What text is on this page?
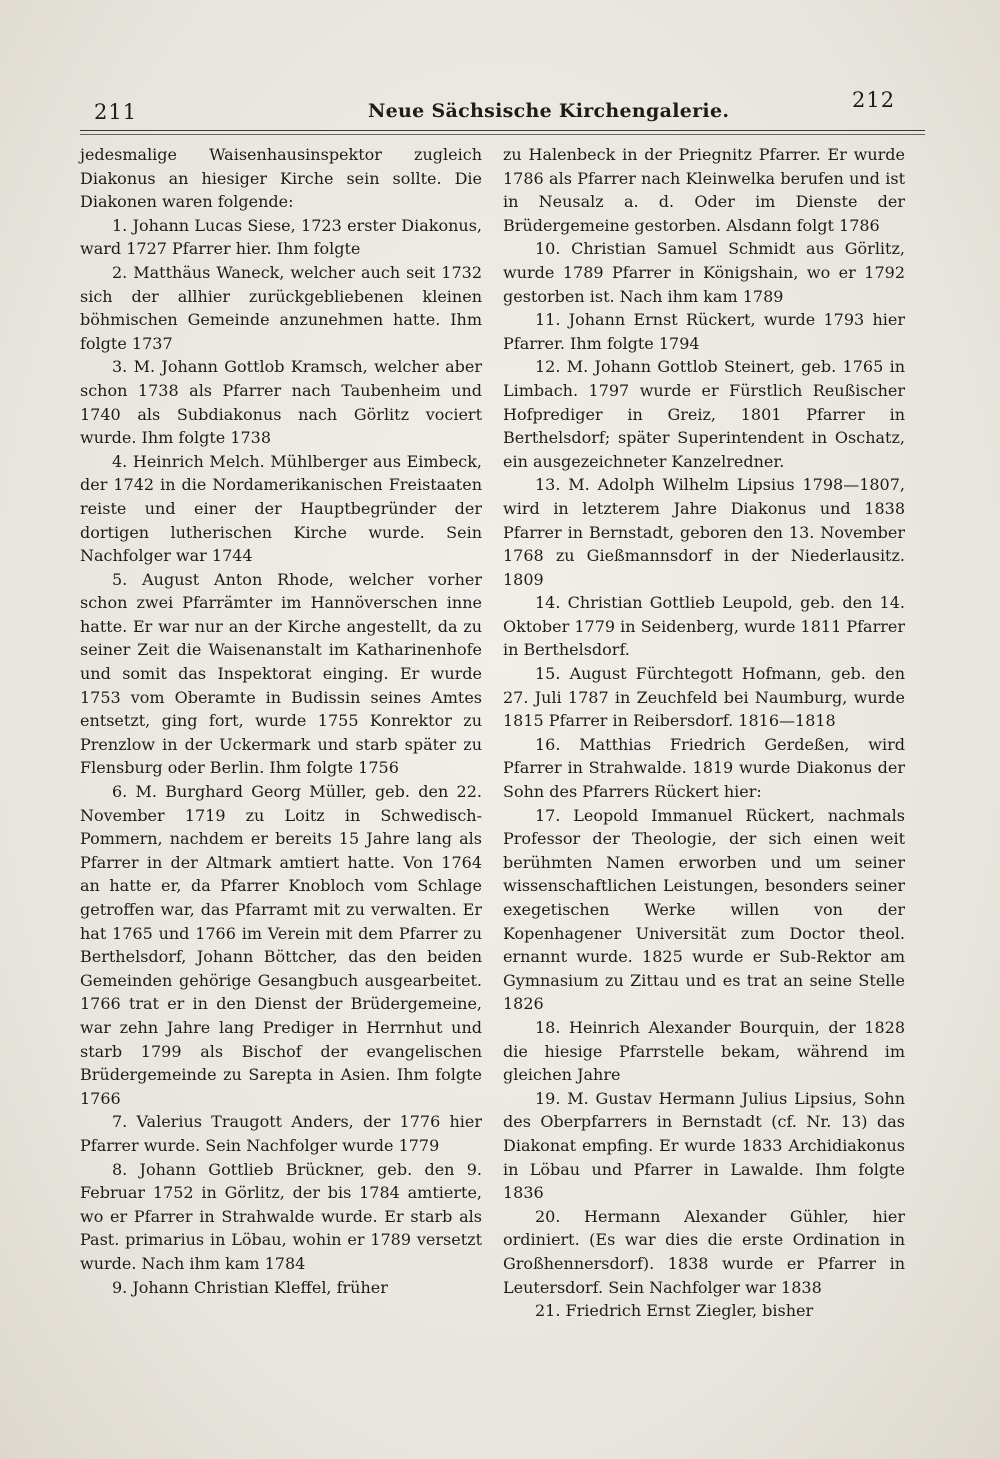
211	Neue Sächsische Kirchengalerie.	212

jedesmalige Waisenhausinspektor zugleich Diakonus an hiesiger Kirche sein sollte. Die Diakonen waren folgende:

1. Johann Lucas Siese, 1723 erster Diakonus, ward 1727 Pfarrer hier. Ihm folgte

2. Matthäus Waneck, welcher auch seit 1732 sich der allhier zurückgebliebenen kleinen böhmischen Gemeinde anzunehmen hatte. Ihm folgte 1737

3. M. Johann Gottlob Kramsch, welcher aber schon 1738 als Pfarrer nach Taubenheim und 1740 als Subdiakonus nach Görlitz vociert wurde. Ihm folgte 1738

4. Heinrich Melch. Mühlberger aus Eimbeck, der 1742 in die Nordamerikanischen Freistaaten reiste und einer der Hauptbegründer der dortigen lutherischen Kirche wurde. Sein Nachfolger war 1744

5. August Anton Rhode, welcher vorher schon zwei Pfarrämter im Hannöverschen inne hatte. Er war nur an der Kirche angestellt, da zu seiner Zeit die Waisenanstalt im Katharinenhofe und somit das Inspektorat einging. Er wurde 1753 vom Oberamte in Budissin seines Amtes entsetzt, ging fort, wurde 1755 Konrektor zu Prenzlow in der Uckermark und starb später zu Flensburg oder Berlin. Ihm folgte 1756

6. M. Burghard Georg Müller, geb. den 22. November 1719 zu Loitz in Schwedisch-Pommern, nachdem er bereits 15 Jahre lang als Pfarrer in der Altmark amtiert hatte. Von 1764 an hatte er, da Pfarrer Knobloch vom Schlage getroffen war, das Pfarramt mit zu verwalten. Er hat 1765 und 1766 im Verein mit dem Pfarrer zu Berthelsdorf, Johann Böttcher, das den beiden Gemeinden gehörige Gesangbuch ausgearbeitet. 1766 trat er in den Dienst der Brüdergemeine, war zehn Jahre lang Prediger in Herrnhut und starb 1799 als Bischof der evangelischen Brüdergemeinde zu Sarepta in Asien. Ihm folgte 1766

7. Valerius Traugott Anders, der 1776 hier Pfarrer wurde. Sein Nachfolger wurde 1779

8. Johann Gottlieb Brückner, geb. den 9. Februar 1752 in Görlitz, der bis 1784 amtierte, wo er Pfarrer in Strahwalde wurde. Er starb als Past. primarius in Löbau, wohin er 1789 versetzt wurde. Nach ihm kam 1784

9. Johann Christian Kleffel, früher

zu Halenbeck in der Priegnitz Pfarrer. Er wurde 1786 als Pfarrer nach Kleinwelka berufen und ist in Neusalz a. d. Oder im Dienste der Brüdergemeine gestorben. Alsdann folgt 1786

10. Christian Samuel Schmidt aus Görlitz, wurde 1789 Pfarrer in Königshain, wo er 1792 gestorben ist. Nach ihm kam 1789

11. Johann Ernst Rückert, wurde 1793 hier Pfarrer. Ihm folgte 1794

12. M. Johann Gottlob Steinert, geb. 1765 in Limbach. 1797 wurde er Fürstlich Reußischer Hofprediger in Greiz, 1801 Pfarrer in Berthelsdorf; später Superintendent in Oschatz, ein ausgezeichneter Kanzelredner.

13. M. Adolph Wilhelm Lipsius 1798—1807, wird in letzterem Jahre Diakonus und 1838 Pfarrer in Bernstadt, geboren den 13. November 1768 zu Gießmannsdorf in der Niederlausitz. 1809

14. Christian Gottlieb Leupold, geb. den 14. Oktober 1779 in Seidenberg, wurde 1811 Pfarrer in Berthelsdorf.

15. August Fürchtegott Hofmann, geb. den 27. Juli 1787 in Zeuchfeld bei Naumburg, wurde 1815 Pfarrer in Reibersdorf. 1816—1818

16. Matthias Friedrich Gerdeßen, wird Pfarrer in Strahwalde. 1819 wurde Diakonus der Sohn des Pfarrers Rückert hier:

17. Leopold Immanuel Rückert, nachmals Professor der Theologie, der sich einen weit berühmten Namen erworben und um seiner wissenschaftlichen Leistungen, besonders seiner exegetischen Werke willen von der Kopenhagener Universität zum Doctor theol. ernannt wurde. 1825 wurde er Sub-Rektor am Gymnasium zu Zittau und es trat an seine Stelle 1826

18. Heinrich Alexander Bourquin, der 1828 die hiesige Pfarrstelle bekam, während im gleichen Jahre

19. M. Gustav Hermann Julius Lipsius, Sohn des Oberpfarrers in Bernstadt (cf. Nr. 13) das Diakonat empfing. Er wurde 1833 Archidiakonus in Löbau und Pfarrer in Lawalde. Ihm folgte 1836

20. Hermann Alexander Gühler, hier ordiniert. (Es war dies die erste Ordination in Großhennersdorf). 1838 wurde er Pfarrer in Leutersdorf. Sein Nachfolger war 1838

21. Friedrich Ernst Ziegler, bisher
